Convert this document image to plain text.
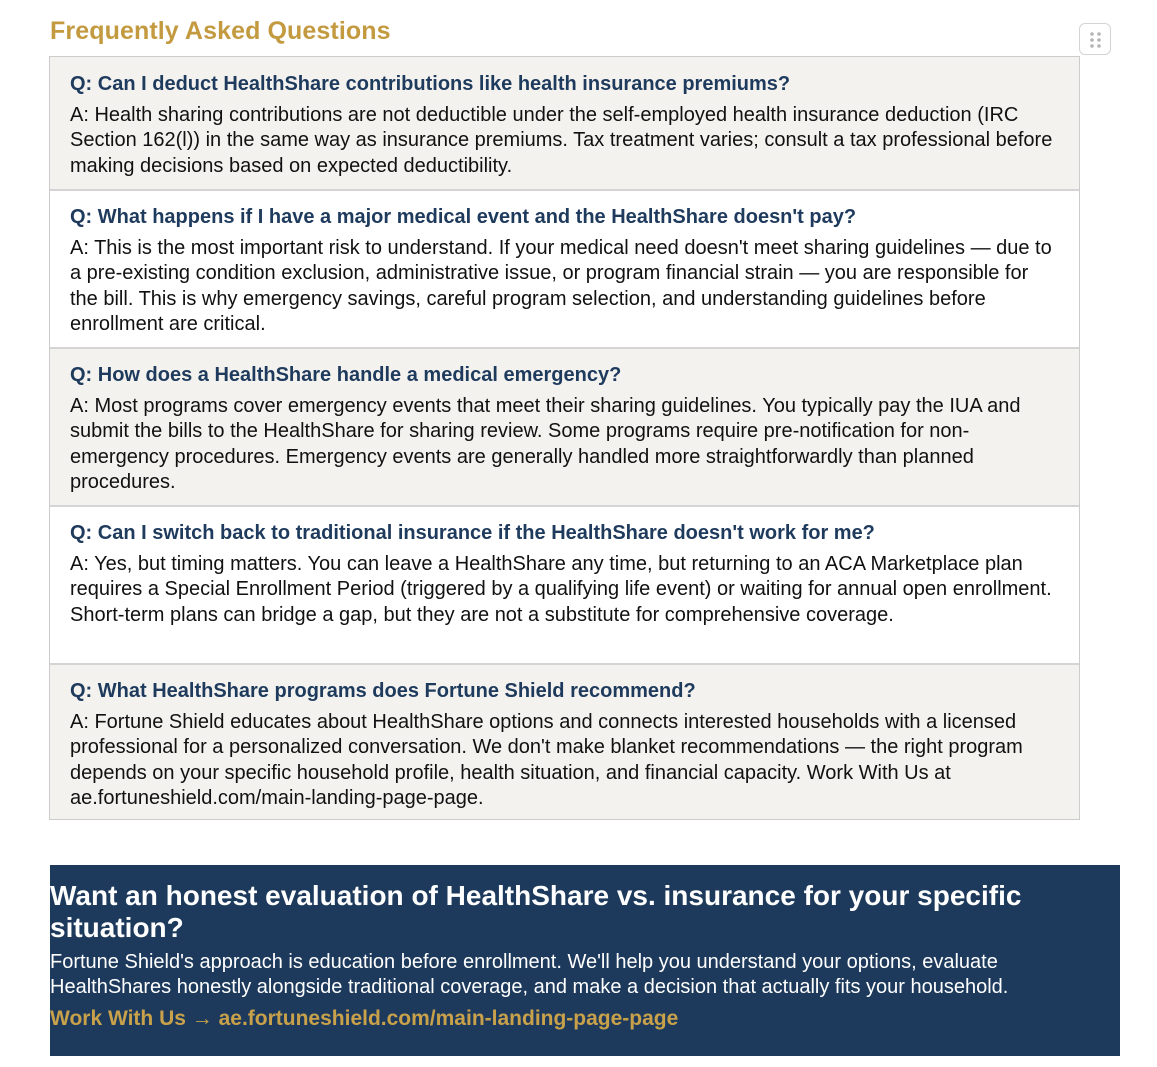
Frequently Asked Questions

Q: Can I deduct HealthShare contributions like health insurance premiums?

A: Health sharing contributions are not deductible under the self-employed health insurance deduction (IRC Section 162(l)) in the same way as insurance premiums. Tax treatment varies; consult a tax professional before making decisions based on expected deductibility.

Q: What happens if I have a major medical event and the HealthShare doesn't pay?

A: This is the most important risk to understand. If your medical need doesn't meet sharing guidelines — due to a pre-existing condition exclusion, administrative issue, or program financial strain — you are responsible for the bill. This is why emergency savings, careful program selection, and understanding guidelines before enrollment are critical.

Q: How does a HealthShare handle a medical emergency?

A: Most programs cover emergency events that meet their sharing guidelines. You typically pay the IUA and submit the bills to the HealthShare for sharing review. Some programs require pre-notification for non-emergency procedures. Emergency events are generally handled more straightforwardly than planned procedures.

Q: Can I switch back to traditional insurance if the HealthShare doesn't work for me?

A: Yes, but timing matters. You can leave a HealthShare any time, but returning to an ACA Marketplace plan requires a Special Enrollment Period (triggered by a qualifying life event) or waiting for annual open enrollment. Short-term plans can bridge a gap, but they are not a substitute for comprehensive coverage.

Q: What HealthShare programs does Fortune Shield recommend?

A: Fortune Shield educates about HealthShare options and connects interested households with a licensed professional for a personalized conversation. We don't make blanket recommendations — the right program depends on your specific household profile, health situation, and financial capacity. Work With Us at ae.fortuneshield.com/main-landing-page-page.

Want an honest evaluation of HealthShare vs. insurance for your specific situation?

Fortune Shield's approach is education before enrollment. We'll help you understand your options, evaluate HealthShares honestly alongside traditional coverage, and make a decision that actually fits your household.

Work With Us → ae.fortuneshield.com/main-landing-page-page
